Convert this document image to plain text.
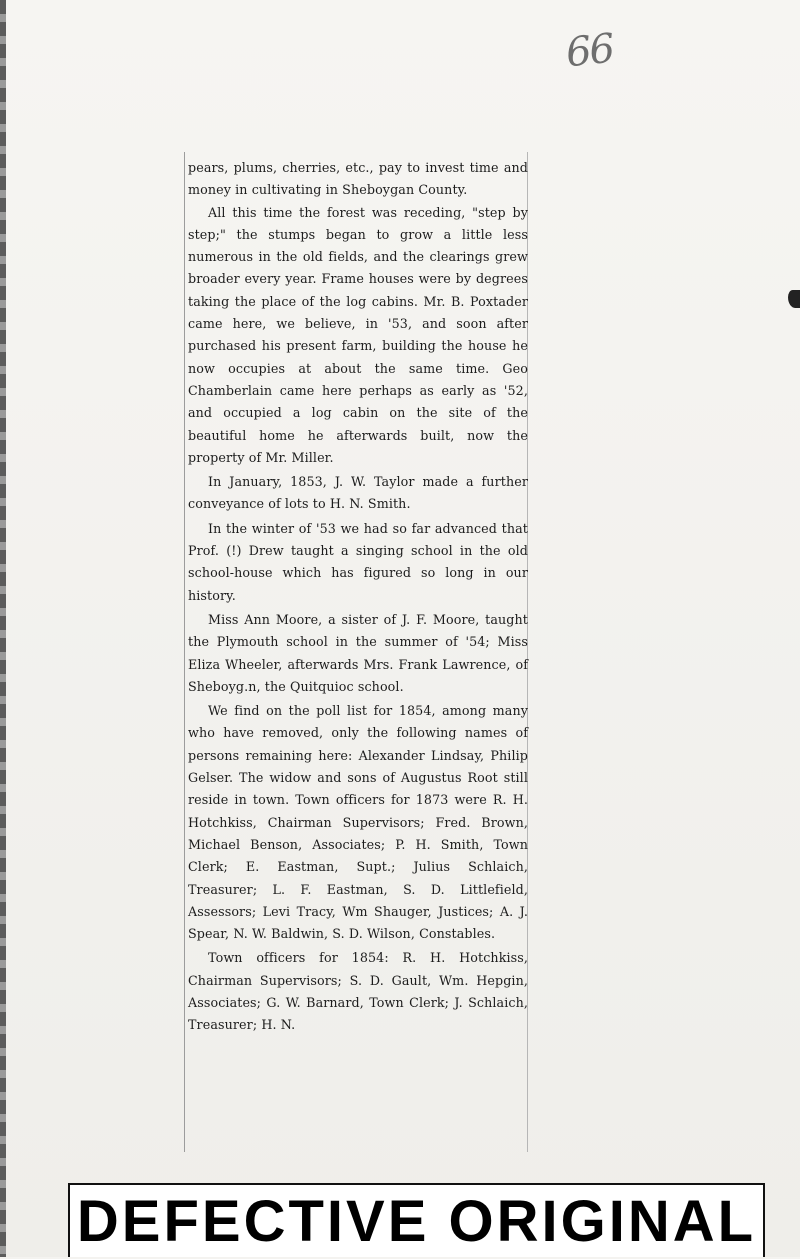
66

pears, plums, cherries, etc., pay to invest time and money in cultivating in Sheboygan County.

All this time the forest was receding, "step by step;" the stumps began to grow a little less numerous in the old fields, and the clearings grew broader every year. Frame houses were by degrees taking the place of the log cabins. Mr. B. Poxtader came here, we believe, in '53, and soon after purchased his present farm, building the house he now occupies at about the same time. Geo Chamberlain came here perhaps as early as '52, and occupied a log cabin on the site of the beautiful home he afterwards built, now the property of Mr. Miller.

In January, 1853, J. W. Taylor made a further conveyance of lots to H. N. Smith.

In the winter of '53 we had so far advanced that Prof. (!) Drew taught a singing school in the old school-house which has figured so long in our history.

Miss Ann Moore, a sister of J. F. Moore, taught the Plymouth school in the summer of '54; Miss Eliza Wheeler, afterwards Mrs. Frank Lawrence, of Sheboyg.n, the Quitquioc school.

We find on the poll list for 1854, among many who have removed, only the following names of persons remaining here: Alexander Lindsay, Philip Gelser. The widow and sons of Augustus Root still reside in town. Town officers for 1873 were R. H. Hotchkiss, Chairman Supervisors; Fred. Brown, Michael Benson, Associates; P. H. Smith, Town Clerk; E. Eastman, Supt.; Julius Schlaich, Treasurer; L. F. Eastman, S. D. Littlefield, Assessors; Levi Tracy, Wm Shauger, Justices; A. J. Spear, N. W. Baldwin, S. D. Wilson, Constables.

Town officers for 1854: R. H. Hotchkiss, Chairman Supervisors; S. D. Gault, Wm. Hepgin, Associates; G. W. Barnard, Town Clerk; J. Schlaich, Treasurer; H. N.

DEFECTIVE ORIGINAL
